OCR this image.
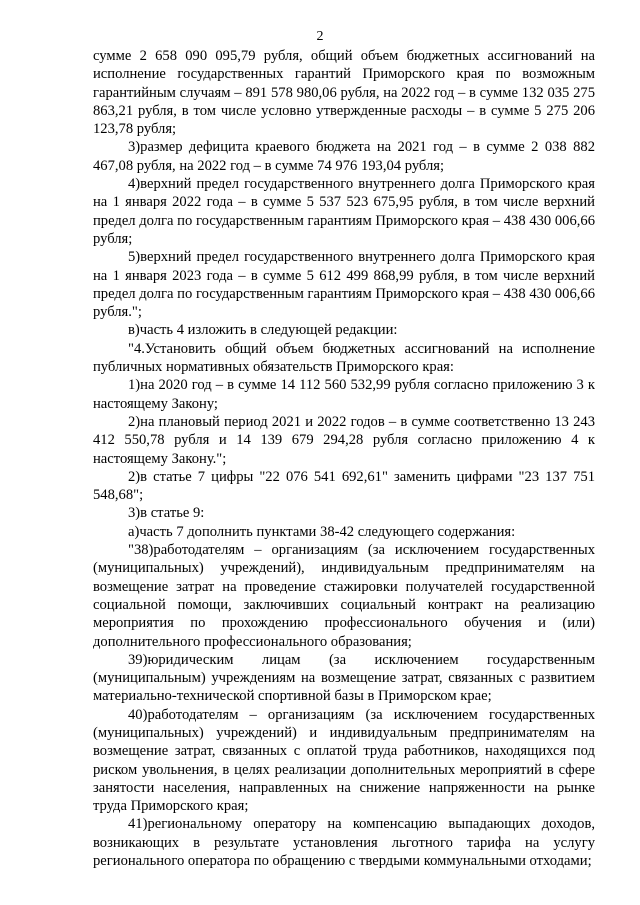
2

сумме 2 658 090 095,79 рубля, общий объем бюджетных ассигнований на исполнение государственных гарантий Приморского края по возможным гарантийным случаям – 891 578 980,06 рубля, на 2022 год – в сумме 132 035 275 863,21 рубля, в том числе условно утвержденные расходы – в сумме 5 275 206 123,78 рубля;

3)размер дефицита краевого бюджета на 2021 год – в сумме 2 038 882 467,08 рубля, на 2022 год – в сумме 74 976 193,04 рубля;

4)верхний предел государственного внутреннего долга Приморского края на 1 января 2022 года – в сумме 5 537 523 675,95 рубля, в том числе верхний предел долга по государственным гарантиям Приморского края – 438 430 006,66 рубля;

5)верхний предел государственного внутреннего долга Приморского края на 1 января 2023 года – в сумме 5 612 499 868,99 рубля, в том числе верхний предел долга по государственным гарантиям Приморского края – 438 430 006,66 рубля.";

в)часть 4 изложить в следующей редакции:

"4.Установить общий объем бюджетных ассигнований на исполнение публичных нормативных обязательств Приморского края:

1)на 2020 год – в сумме 14 112 560 532,99 рубля согласно приложению 3 к настоящему Закону;

2)на плановый период 2021 и 2022 годов – в сумме соответственно 13 243 412 550,78 рубля и 14 139 679 294,28 рубля согласно приложению 4 к настоящему Закону.";

2)в статье 7 цифры "22 076 541 692,61" заменить цифрами "23 137 751 548,68";

3)в статье 9:

а)часть 7 дополнить пунктами 38-42 следующего содержания:

"38)работодателям – организациям (за исключением государственных (муниципальных) учреждений), индивидуальным предпринимателям на возмещение затрат на проведение стажировки получателей государственной социальной помощи, заключивших социальный контракт на реализацию мероприятия по прохождению профессионального обучения и (или) дополнительного профессионального образования;

39)юридическим лицам (за исключением государственным (муниципальным) учреждениям на возмещение затрат, связанных с развитием материально-технической спортивной базы в Приморском крае;

40)работодателям – организациям (за исключением государственных (муниципальных) учреждений) и индивидуальным предпринимателям на возмещение затрат, связанных с оплатой труда работников, находящихся под риском увольнения, в целях реализации дополнительных мероприятий в сфере занятости населения, направленных на снижение напряженности на рынке труда Приморского края;

41)региональному оператору на компенсацию выпадающих доходов, возникающих в результате установления льготного тарифа на услугу регионального оператора по обращению с твердыми коммунальными отходами;
